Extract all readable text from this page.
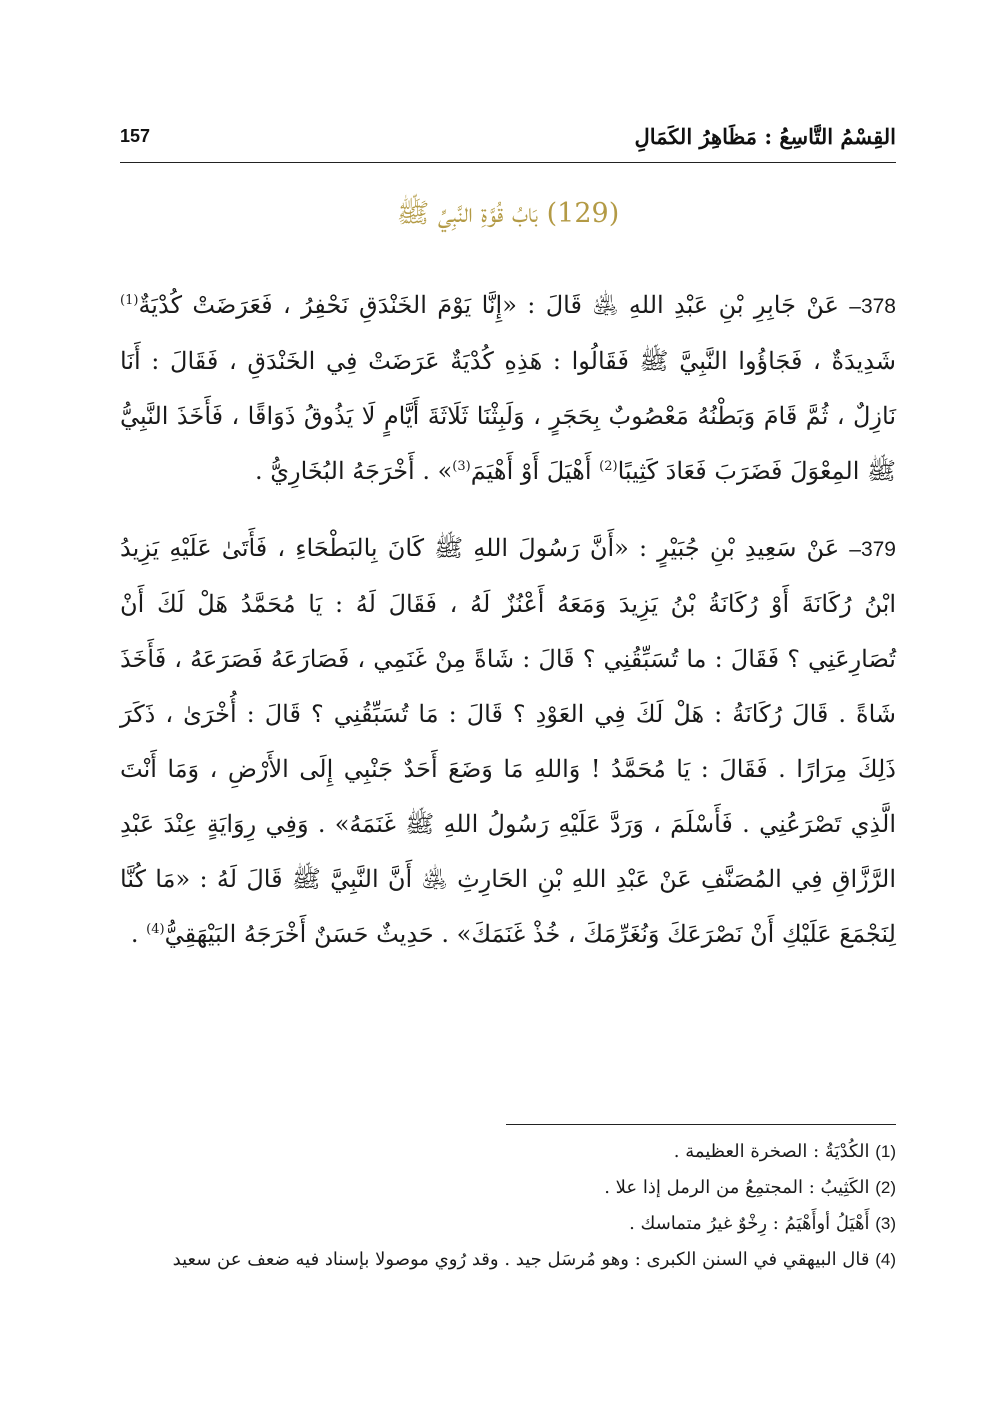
القِسْمُ التَّاسِعُ : مَظَاهِرُ الكَمَالِ
157
(129) بَابُ قُوَّةِ النَّبِيِّ ﷺ

378– عَنْ جَابِرِ بْنِ عَبْدِ اللهِ ﵁ قَالَ : «إِنَّا يَوْمَ الخَنْدَقِ نَحْفِرُ ، فَعَرَضَتْ كُدْيَةٌ$^{(1)}$ شَدِيدَةٌ ، فَجَاؤُوا النَّبِيَّ ﷺ فَقَالُوا : هَذِهِ كُدْيَةٌ عَرَضَتْ فِي الخَنْدَقِ ، فَقَالَ : أَنَا نَازِلٌ ، ثُمَّ قَامَ وَبَطْنُهُ مَعْصُوبٌ بِحَجَرٍ ، وَلَبِثْنَا ثَلَاثَةَ أَيَّامٍ لَا يَذُوقُ ذَوَاقًا ، فَأَخَذَ النَّبِيُّ ﷺ المِعْوَلَ فَضَرَبَ فَعَادَ كَثِيبًا$^{(2)}$ أَهْيَلَ أَوْ أَهْيَمَ$^{(3)}$» . أَخْرَجَهُ البُخَارِيُّ .

379– عَنْ سَعِيدِ بْنِ جُبَيْرٍ : «أَنَّ رَسُولَ اللهِ ﷺ كَانَ بِالبَطْحَاءِ ، فَأَتَىٰ عَلَيْهِ يَزِيدُ ابْنُ رُكَانَةَ أَوْ رُكَانَةُ بْنُ يَزِيدَ وَمَعَهُ أَعْنُزٌ لَهُ ، فَقَالَ لَهُ : يَا مُحَمَّدُ هَلْ لَكَ أَنْ تُصَارِعَنِي ؟ فَقَالَ : ما تُسَبِّقُنِي ؟ قَالَ : شَاةً مِنْ غَنَمِي ، فَصَارَعَهُ فَصَرَعَهُ ، فَأَخَذَ شَاةً . قَالَ رُكَانَةُ : هَلْ لَكَ فِي العَوْدِ ؟ قَالَ : مَا تُسَبِّقُنِي ؟ قَالَ : أُخْرَىٰ ، ذَكَرَ ذَلِكَ مِرَارًا . فَقَالَ : يَا مُحَمَّدُ ! وَاللهِ مَا وَضَعَ أَحَدٌ جَنْبِي إِلَى الأَرْضِ ، وَمَا أَنْتَ الَّذِي تَصْرَعُنِي . فَأَسْلَمَ ، وَرَدَّ عَلَيْهِ رَسُولُ اللهِ ﷺ غَنَمَهُ» . وَفِي رِوَايَةٍ عِنْدَ عَبْدِ الرَّزَّاقِ فِي المُصَنَّفِ عَنْ عَبْدِ اللهِ بْنِ الحَارِثِ ﵁ أَنَّ النَّبِيَّ ﷺ قَالَ لَهُ : «مَا كُنَّا لِنَجْمَعَ عَلَيْكِ أَنْ نَصْرَعَكَ وَنُغَرِّمَكَ ، خُذْ غَنَمَكَ» . حَدِيثٌ حَسَنٌ أَخْرَجَهُ البَيْهَقِيُّ$^{(4)}$ .

(1) الكُدْيَةُ : الصخرة العظيمة .
(2) الكَثِيبُ : المجتمِعُ من الرمل إذا علا .
(3) أَهْيَلُ أوأَهْيَمُ : رِخْوٌ غيرُ متماسك .
(4) قال البيهقي في السنن الكبرى : وهو مُرسَل جيد . وقد رُوي موصولا بإسناد فيه ضعف عن سعيد
